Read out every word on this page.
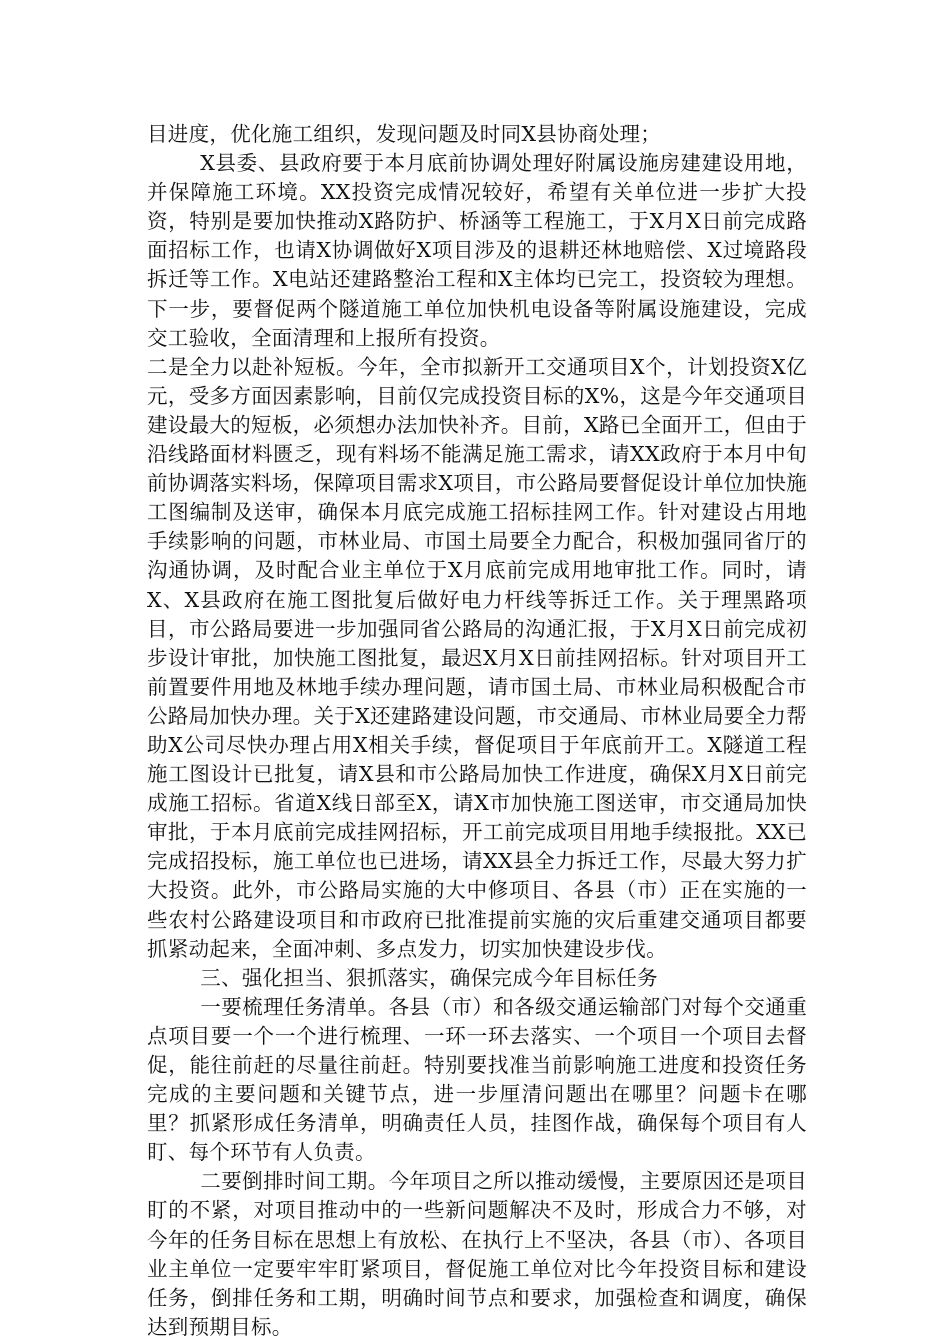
目进度，优化施工组织，发现问题及时同X县协商处理；

X县委、县政府要于本月底前协调处理好附属设施房建建设用地，并保障施工环境。XX投资完成情况较好，希望有关单位进一步扩大投资，特别是要加快推动X路防护、桥涵等工程施工，于X月X日前完成路面招标工作，也请X协调做好X项目涉及的退耕还林地赔偿、X过境路段拆迁等工作。X电站还建路整治工程和X主体均已完工，投资较为理想。下一步，要督促两个隧道施工单位加快机电设备等附属设施建设，完成交工验收，全面清理和上报所有投资。

二是全力以赴补短板。今年，全市拟新开工交通项目X个，计划投资X亿元，受多方面因素影响，目前仅完成投资目标的X%，这是今年交通项目建设最大的短板，必须想办法加快补齐。目前，X路已全面开工，但由于沿线路面材料匮乏，现有料场不能满足施工需求，请XX政府于本月中旬前协调落实料场，保障项目需求X项目，市公路局要督促设计单位加快施工图编制及送审，确保本月底完成施工招标挂网工作。针对建设占用地手续影响的问题，市林业局、市国土局要全力配合，积极加强同省厅的沟通协调，及时配合业主单位于X月底前完成用地审批工作。同时，请X、X县政府在施工图批复后做好电力杆线等拆迁工作。关于理黑路项目，市公路局要进一步加强同省公路局的沟通汇报，于X月X日前完成初步设计审批，加快施工图批复，最迟X月X日前挂网招标。针对项目开工前置要件用地及林地手续办理问题，请市国土局、市林业局积极配合市公路局加快办理。关于X还建路建设问题，市交通局、市林业局要全力帮助X公司尽快办理占用X相关手续，督促项目于年底前开工。X隧道工程施工图设计已批复，请X县和市公路局加快工作进度，确保X月X日前完成施工招标。省道X线日部至X，请X市加快施工图送审，市交通局加快审批，于本月底前完成挂网招标，开工前完成项目用地手续报批。XX已完成招投标，施工单位也已进场，请XX县全力拆迁工作，尽最大努力扩大投资。此外，市公路局实施的大中修项目、各县（市）正在实施的一些农村公路建设项目和市政府已批准提前实施的灾后重建交通项目都要抓紧动起来，全面冲刺、多点发力，切实加快建设步伐。

三、强化担当、狠抓落实，确保完成今年目标任务

一要梳理任务清单。各县（市）和各级交通运输部门对每个交通重点项目要一个一个进行梳理、一环一环去落实、一个项目一个项目去督促，能往前赶的尽量往前赶。特别要找准当前影响施工进度和投资任务完成的主要问题和关键节点，进一步厘清问题出在哪里？问题卡在哪里？抓紧形成任务清单，明确责任人员，挂图作战，确保每个项目有人盯、每个环节有人负责。

二要倒排时间工期。今年项目之所以推动缓慢，主要原因还是项目盯的不紧，对项目推动中的一些新问题解决不及时，形成合力不够，对今年的任务目标在思想上有放松、在执行上不坚决，各县（市）、各项目业主单位一定要牢牢盯紧项目，督促施工单位对比今年投资目标和建设任务，倒排任务和工期，明确时间节点和要求，加强检查和调度，确保达到预期目标。
